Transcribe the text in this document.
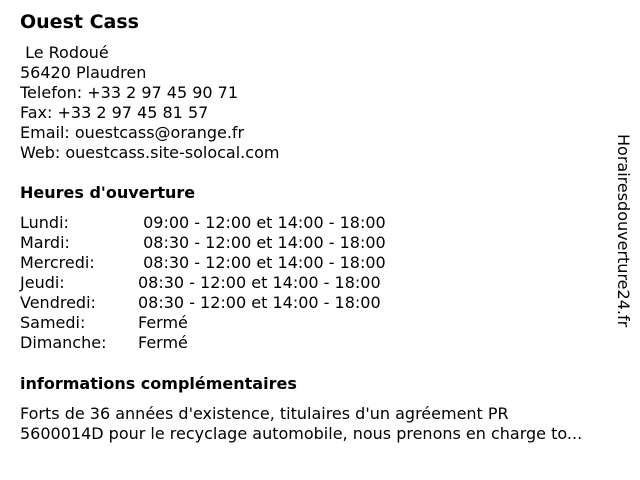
Ouest Cass
Le Rodoué
56420 Plaudren
Telefon: +33 2 97 45 90 71
Fax: +33 2 97 45 81 57
Email: ouestcass@orange.fr
Web: ouestcass.site-solocal.com
Heures d'ouverture
Lundi:	09:00 - 12:00 et 14:00 - 18:00
Mardi:	08:30 - 12:00 et 14:00 - 18:00
Mercredi:	08:30 - 12:00 et 14:00 - 18:00
Jeudi:	08:30 - 12:00 et 14:00 - 18:00
Vendredi:	08:30 - 12:00 et 14:00 - 18:00
Samedi:	Fermé
Dimanche: Fermé
informations complémentaires
Forts de 36 années d'existence, titulaires d'un agréement PR
5600014D pour le recyclage automobile, nous prenons en charge to...
Horairesdouverture24.fr
